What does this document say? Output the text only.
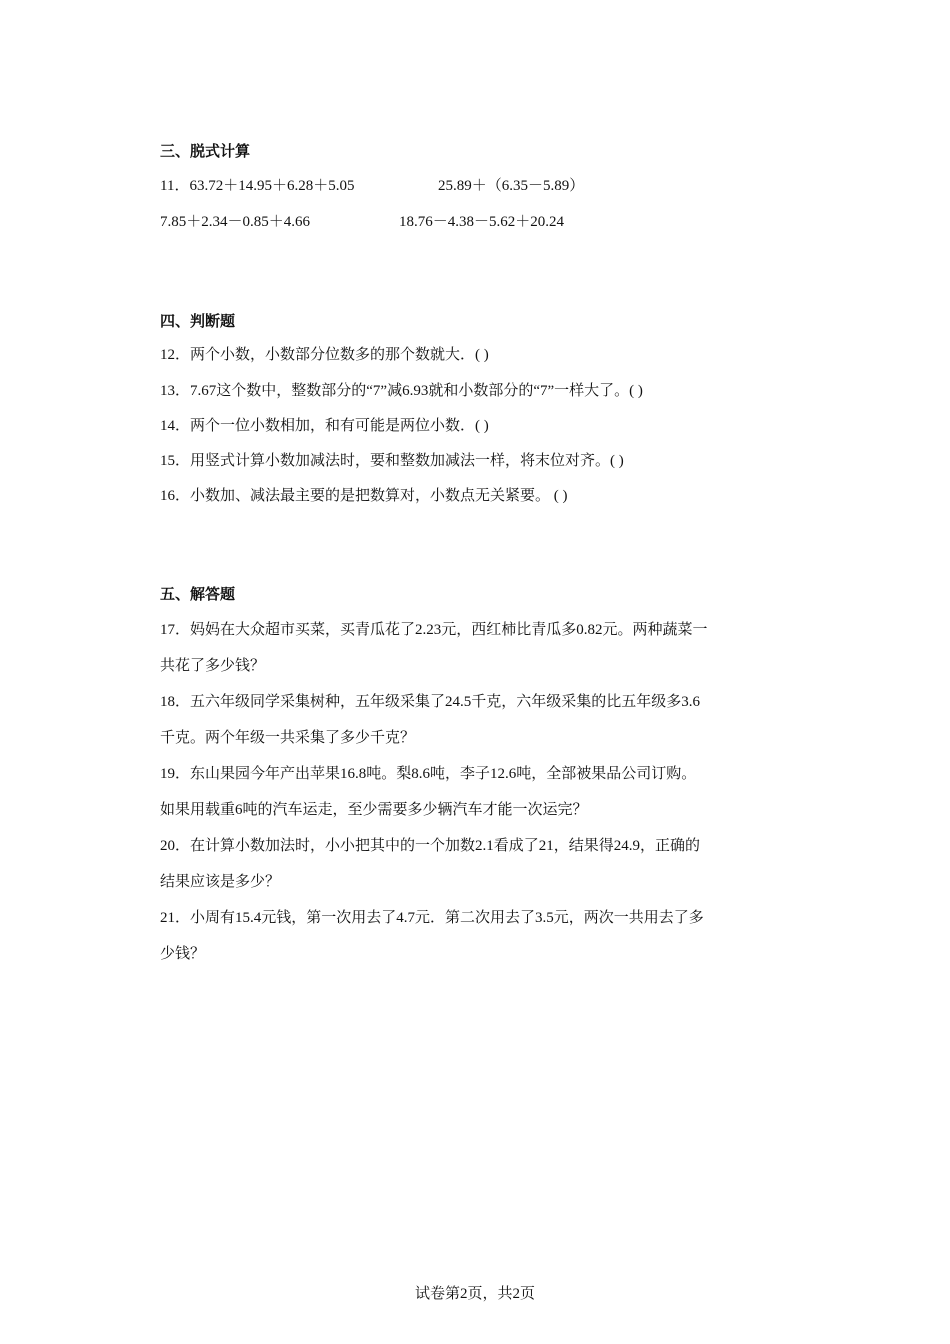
三、脱式计算
11．63.72＋14.95＋6.28＋5.05	25.89＋（6.35－5.89）
7.85＋2.34－0.85＋4.66	18.76－4.38－5.62＋20.24
四、判断题
12．两个小数，小数部分位数多的那个数就大．( )
13．7.67这个数中，整数部分的“7”减6.93就和小数部分的“7”一样大了。( )
14．两个一位小数相加，和有可能是两位小数．( )
15．用竖式计算小数加减法时，要和整数加减法一样，将末位对齐。( )
16．小数加、减法最主要的是把数算对，小数点无关紧要。 ( )
五、解答题
17．妈妈在大众超市买菜，买青瓜花了2.23元，西红柿比青瓜多0.82元。两种蔬菜一
共花了多少钱？
18．五六年级同学采集树种，五年级采集了24.5千克，六年级采集的比五年级多3.6
千克。两个年级一共采集了多少千克？
19．东山果园今年产出苹果16.8吨。梨8.6吨，李子12.6吨，全部被果品公司订购。
如果用载重6吨的汽车运走，至少需要多少辆汽车才能一次运完？
20．在计算小数加法时，小小把其中的一个加数2.1看成了21，结果得24.9，正确的
结果应该是多少？
21．小周有15.4元钱，第一次用去了4.7元．第二次用去了3.5元，两次一共用去了多
少钱？
试卷第2页，共2页
